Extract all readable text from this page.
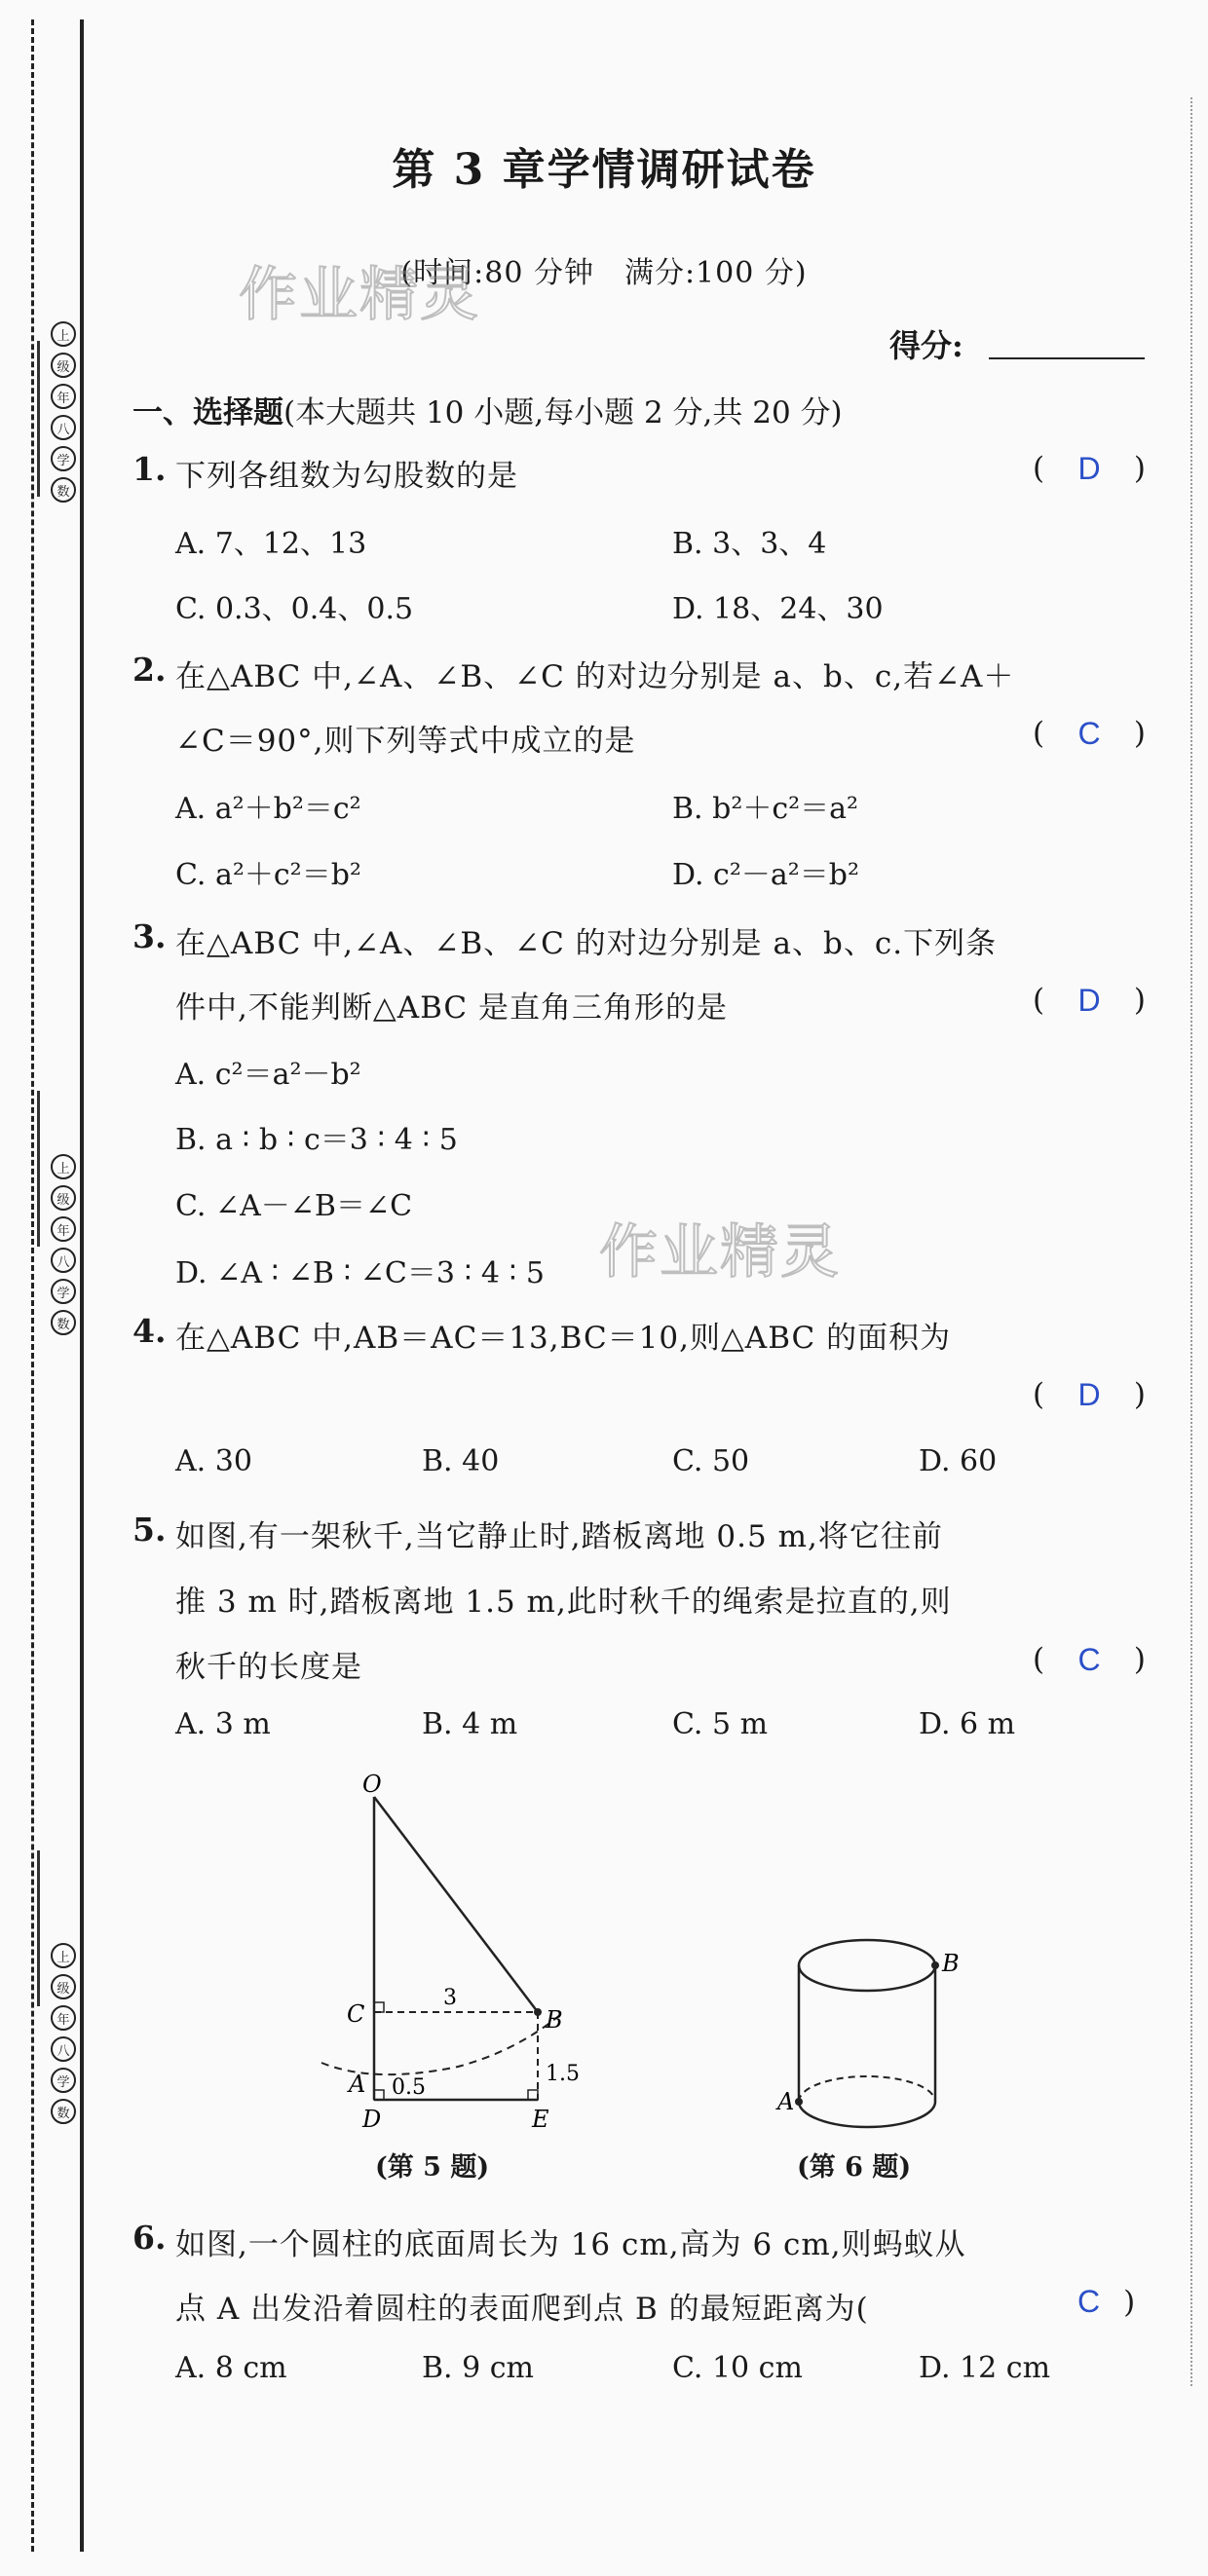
上
级
年
八
学
数
上
级
年
八
学
数
上
级
年
八
学
数
第 3 章学情调研试卷
(时间:80 分钟　满分:100 分)
作业精灵
得分:
一、选择题(本大题共 10 小题,每小题 2 分,共 20 分)
1. 下列各组数为勾股数的是	( D )
A. 7、12、13	B. 3、3、4
C. 0.3、0.4、0.5	D. 18、24、30
2. 在△ABC 中,∠A、∠B、∠C 的对边分别是 a、b、c,若∠A＋
∠C＝90°,则下列等式中成立的是	( C )
A. a²＋b²＝c²	B. b²＋c²＝a²
C. a²＋c²＝b²	D. c²－a²＝b²
3. 在△ABC 中,∠A、∠B、∠C 的对边分别是 a、b、c.下列条
件中,不能判断△ABC 是直角三角形的是	( D )
A. c²＝a²－b²
B. a ∶ b ∶ c＝3 ∶ 4 ∶ 5
C. ∠A－∠B＝∠C
D. ∠A ∶ ∠B ∶ ∠C＝3 ∶ 4 ∶ 5 作业精灵
4. 在△ABC 中,AB＝AC＝13,BC＝10,则△ABC 的面积为
( D )
A. 30	B. 40	C. 50	D. 60
5. 如图,有一架秋千,当它静止时,踏板离地 0.5 m,将它往前
推 3 m 时,踏板离地 1.5 m,此时秋千的绳索是拉直的,则
秋千的长度是	( C )
A. 3 m	B. 4 m	C. 5 m	D. 6 m
O
C	B
A
D	E
3
0.5
1.5
(第 5 题)
B
A
(第 6 题)
6. 如图,一个圆柱的底面周长为 16 cm,高为 6 cm,则蚂蚁从
点 A 出发沿着圆柱的表面爬到点 B 的最短距离为(	C )
A. 8 cm	B. 9 cm	C. 10 cm	D. 12 cm
